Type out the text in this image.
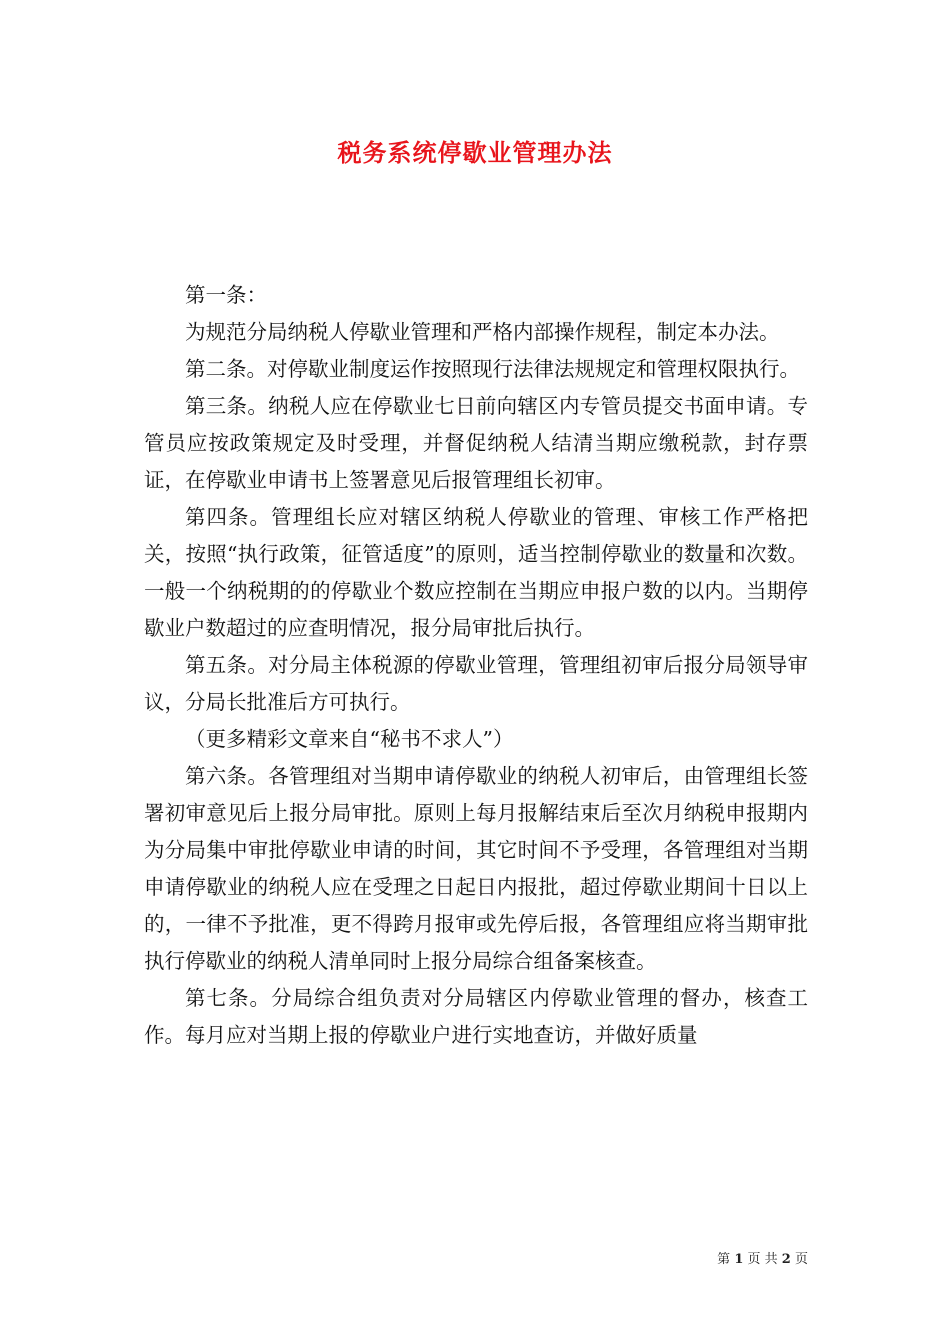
税务系统停歇业管理办法

第一条：

为规范分局纳税人停歇业管理和严格内部操作规程，制定本办法。

第二条。对停歇业制度运作按照现行法律法规规定和管理权限执行。

第三条。纳税人应在停歇业七日前向辖区内专管员提交书面申请。专管员应按政策规定及时受理，并督促纳税人结清当期应缴税款，封存票证，在停歇业申请书上签署意见后报管理组长初审。

第四条。管理组长应对辖区纳税人停歇业的管理、审核工作严格把关，按照“执行政策，征管适度”的原则，适当控制停歇业的数量和次数。一般一个纳税期的的停歇业个数应控制在当期应申报户数的以内。当期停歇业户数超过的应查明情况，报分局审批后执行。

第五条。对分局主体税源的停歇业管理，管理组初审后报分局领导审议，分局长批准后方可执行。

（更多精彩文章来自“秘书不求人”）

第六条。各管理组对当期申请停歇业的纳税人初审后，由管理组长签署初审意见后上报分局审批。原则上每月报解结束后至次月纳税申报期内为分局集中审批停歇业申请的时间，其它时间不予受理，各管理组对当期申请停歇业的纳税人应在受理之日起日内报批，超过停歇业期间十日以上的，一律不予批准，更不得跨月报审或先停后报，各管理组应将当期审批执行停歇业的纳税人清单同时上报分局综合组备案核查。

第七条。分局综合组负责对分局辖区内停歇业管理的督办，核查工作。每月应对当期上报的停歇业户进行实地查访，并做好质量

第 1 页 共 2 页
